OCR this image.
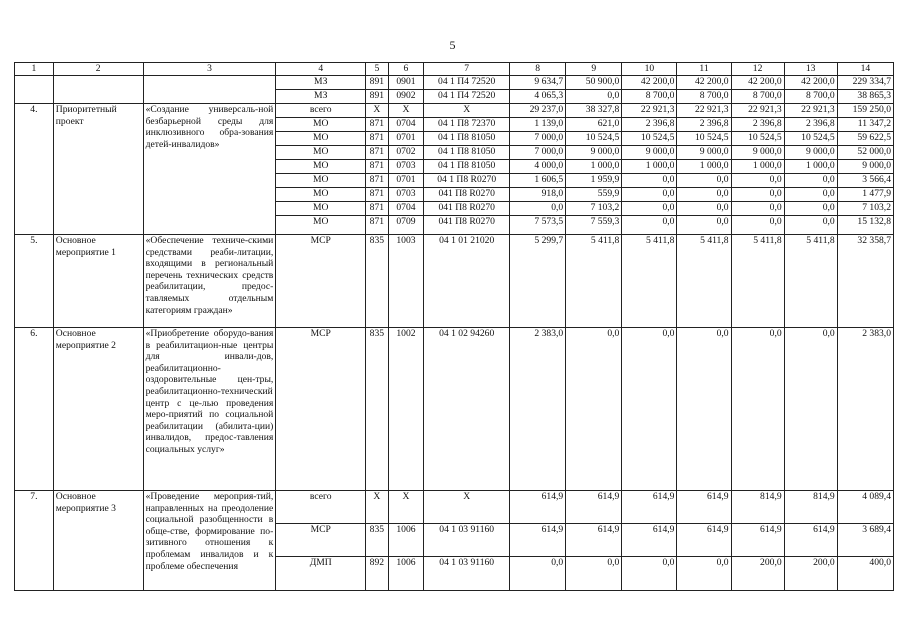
5
1	2	3	4	5	6	7	8	9	10	11	12	13	14
			МЗ	891	0901	04 1 П4 72520	9 634,7	50 900,0	42 200,0	42 200,0	42 200,0	42 200,0	229 334,7
			МЗ	891	0902	04 1 П4 72520	4 065,3	0,0	8 700,0	8 700,0	8 700,0	8 700,0	38 865,3
4.	Приоритетный проект	«Создание универсаль-ной безбарьерной среды для инклюзивного обра-зования детей-инвалидов»	всего	X	X	X	29 237,0	38 327,8	22 921,3	22 921,3	22 921,3	22 921,3	159 250,0
			МО	871	0704	04 1 П8 72370	1 139,0	621,0	2 396,8	2 396,8	2 396,8	2 396,8	11 347,2
			МО	871	0701	04 1 П8 81050	7 000,0	10 524,5	10 524,5	10 524,5	10 524,5	10 524,5	59 622,5
			МО	871	0702	04 1 П8 81050	7 000,0	9 000,0	9 000,0	9 000,0	9 000,0	9 000,0	52 000,0
			МО	871	0703	04 1 П8 81050	4 000,0	1 000,0	1 000,0	1 000,0	1 000,0	1 000,0	9 000,0
			МО	871	0701	04 1 П8 R0270	1 606,5	1 959,9	0,0	0,0	0,0	0,0	3 566,4
			МО	871	0703	041 П8 R0270	918,0	559,9	0,0	0,0	0,0	0,0	1 477,9
			МО	871	0704	041 П8 R0270	0,0	7 103,2	0,0	0,0	0,0	0,0	7 103,2
			МО	871	0709	041 П8 R0270	7 573,5	7 559,3	0,0	0,0	0,0	0,0	15 132,8
5.	Основное мероприятие 1	«Обеспечение техниче-скими средствами реаби-литации, входящими в региональный перечень технических средств реабилитации, предос-тавляемых отдельным категориям граждан»	МСР	835	1003	04 1 01 21020	5 299,7	5 411,8	5 411,8	5 411,8	5 411,8	5 411,8	32 358,7
6.	Основное мероприятие 2	«Приобретение оборудо-вания в реабилитацион-ные центры для инвали-дов, реабилитационно-оздоровительные цен-тры, реабилитационно-технический центр с це-лью проведения меро-приятий по социальной реабилитации (абилита-ции) инвалидов, предос-тавления социальных услуг»	МСР	835	1002	04 1 02 94260	2 383,0	0,0	0,0	0,0	0,0	0,0	2 383,0
7.	Основное мероприятие 3	«Проведение мероприя-тий, направленных на преодоление социальной разобщенности в обще-стве, формирование по-зитивного отношения к проблемам инвалидов и к проблеме обеспечения	всего	X	X	X	614,9	614,9	614,9	614,9	814,9	814,9	4 089,4
			МСР	835	1006	04 1 03 91160	614,9	614,9	614,9	614,9	614,9	614,9	3 689,4
			ДМП	892	1006	04 1 03 91160	0,0	0,0	0,0	0,0	200,0	200,0	400,0
